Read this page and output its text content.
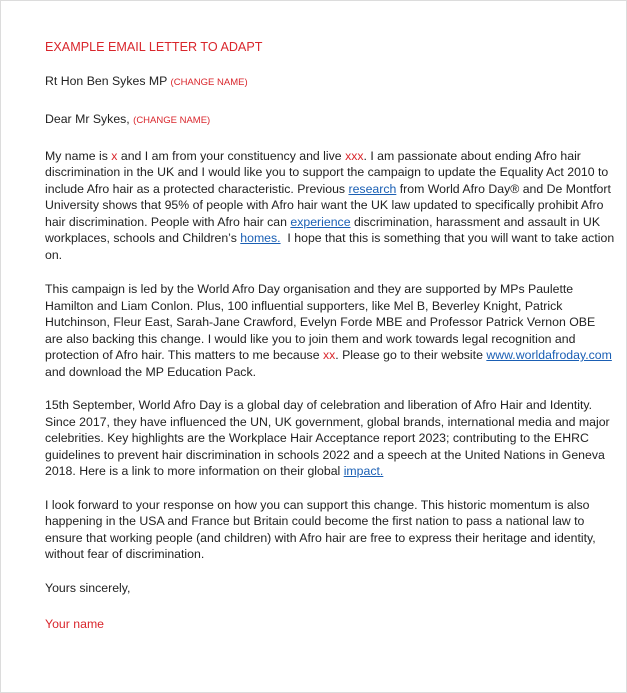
EXAMPLE EMAIL LETTER TO ADAPT

Rt Hon Ben Sykes MP (CHANGE NAME)

Dear Mr Sykes, (CHANGE NAME)

My name is x and I am from your constituency and live xxx. I am passionate about ending Afro hair discrimination in the UK and I would like you to support the campaign to update the Equality Act 2010 to include Afro hair as a protected characteristic. Previous research from World Afro Day® and De Montfort University shows that 95% of people with Afro hair want the UK law updated to specifically prohibit Afro hair discrimination. People with Afro hair can experience discrimination, harassment and assault in UK workplaces, schools and Children’s homes.  I hope that this is something that you will want to take action on.

This campaign is led by the World Afro Day organisation and they are supported by MPs Paulette Hamilton and Liam Conlon. Plus, 100 influential supporters, like Mel B, Beverley Knight, Patrick Hutchinson, Fleur East, Sarah-Jane Crawford, Evelyn Forde MBE and Professor Patrick Vernon OBE are also backing this change. I would like you to join them and work towards legal recognition and protection of Afro hair. This matters to me because xx. Please go to their website www.worldafroday.com and download the MP Education Pack.

15th September, World Afro Day is a global day of celebration and liberation of Afro Hair and Identity. Since 2017, they have influenced the UN, UK government, global brands, international media and major celebrities. Key highlights are the Workplace Hair Acceptance report 2023; contributing to the EHRC guidelines to prevent hair discrimination in schools 2022 and a speech at the United Nations in Geneva 2018. Here is a link to more information on their global impact.

I look forward to your response on how you can support this change. This historic momentum is also happening in the USA and France but Britain could become the first nation to pass a national law to ensure that working people (and children) with Afro hair are free to express their heritage and identity, without fear of discrimination.

Yours sincerely,

Your name
